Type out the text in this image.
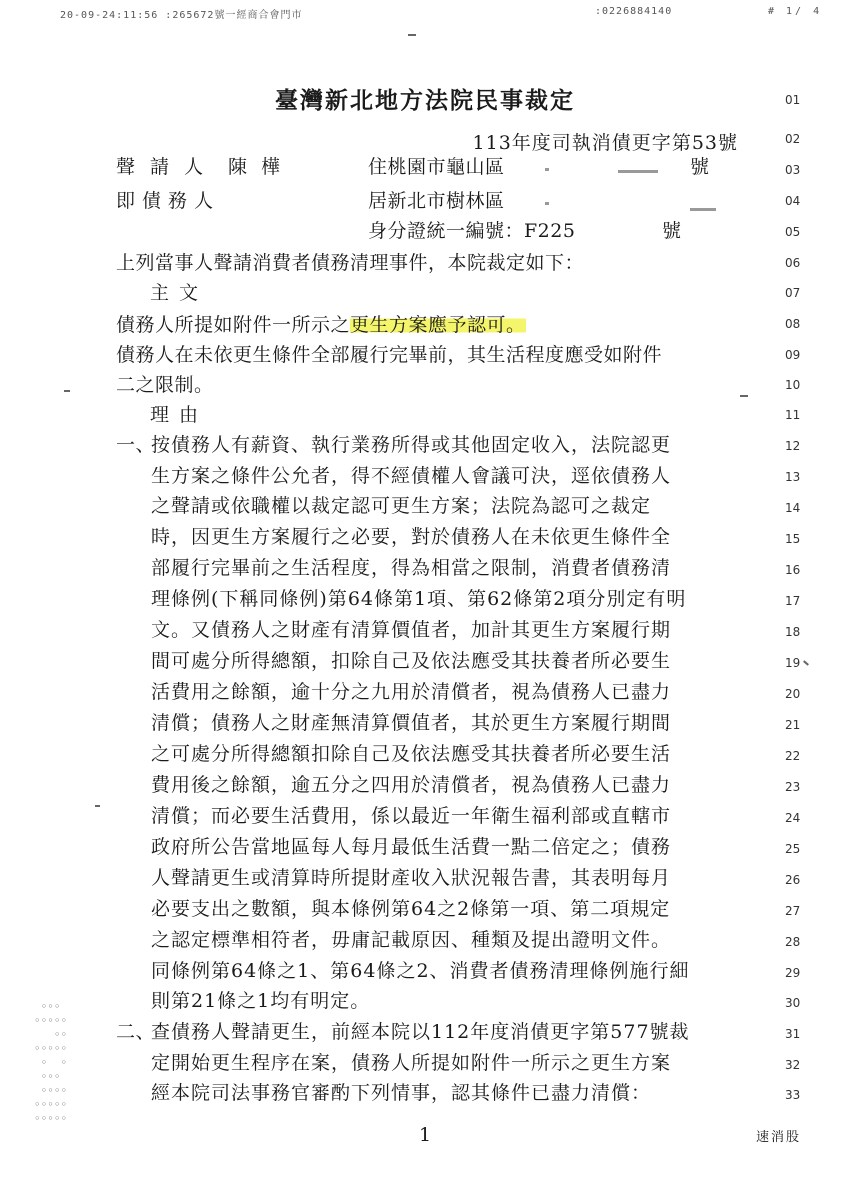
20-09-24:11:56 :265672號一經商合會門市	:0226884140	# 1/ 4
臺灣新北地方法院民事裁定
113年度司執消債更字第53號
聲請人 陳樺	住桃園市龜山區	號
即債務人	居新北市樹林區
身分證統一編號：F225	號
上列當事人聲請消費者債務清理事件，本院裁定如下：
主文
債務人所提如附件一所示之更生方案應予認可。
債務人在未依更生條件全部履行完畢前，其生活程度應受如附件
二之限制。
理由
一、
按債務人有薪資、執行業務所得或其他固定收入，法院認更
生方案之條件公允者，得不經債權人會議可決，逕依債務人
之聲請或依職權以裁定認可更生方案；法院為認可之裁定
時，因更生方案履行之必要，對於債務人在未依更生條件全
部履行完畢前之生活程度，得為相當之限制，消費者債務清
理條例(下稱同條例)第64條第1項、第62條第2項分別定有明
文。又債務人之財產有清算價值者，加計其更生方案履行期
間可處分所得總額，扣除自己及依法應受其扶養者所必要生
活費用之餘額，逾十分之九用於清償者，視為債務人已盡力
清償；債務人之財產無清算價值者，其於更生方案履行期間
之可處分所得總額扣除自己及依法應受其扶養者所必要生活
費用後之餘額，逾五分之四用於清償者，視為債務人已盡力
清償；而必要生活費用，係以最近一年衛生福利部或直轄市
政府所公告當地區每人每月最低生活費一點二倍定之；債務
人聲請更生或清算時所提財產收入狀況報告書，其表明每月
必要支出之數額，與本條例第64之2條第一項、第二項規定
之認定標準相符者，毋庸記載原因、種類及提出證明文件。
同條例第64條之1、第64條之2、消費者債務清理條例施行細
則第21條之1均有明定。
二、
查債務人聲請更生，前經本院以112年度消債更字第577號裁
定開始更生程序在案，債務人所提如附件一所示之更生方案
經本院司法事務官審酌下列情事，認其條件已盡力清償：
01
02
03
04
05
06
07
08
09
10
11
12
13
14
15
16
17
18
19
20
21
22
23
24
25
26
27
28
29
30
31
32
33
1	速消股
◦◦◦
◦◦◦◦◦
◦◦
◦◦◦◦◦
◦  ◦
◦◦◦
◦◦◦◦
◦◦◦◦◦
◦◦◦◦◦
